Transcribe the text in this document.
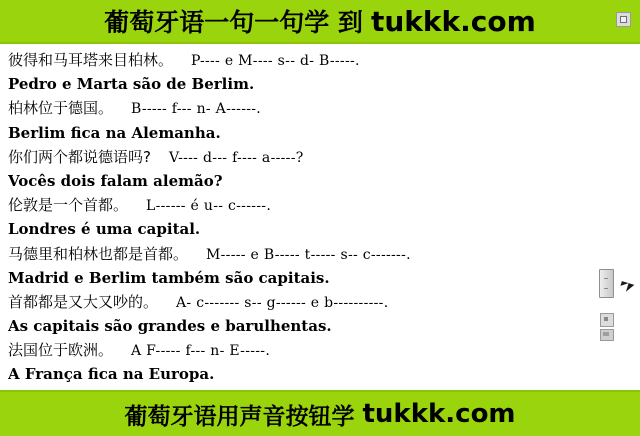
葡萄牙语一句一句学 到 tukkk.com
彼得和马耳塔来目柏林。 P---- e M---- s-- d- B-----.
Pedro e Marta são de Berlim.
柏林位于德国。 B----- f--- n- A------.
Berlim fica na Alemanha.
你们两个都说德语吗? V---- d--- f---- a-----?
Vocês dois falam alemão?
伦敦是一个首都。 L------ é u-- c------.
Londres é uma capital.
马德里和柏林也都是首都。 M----- e B----- t----- s-- c-------.
Madrid e Berlim também são capitais.
首都都是又大又吵的。 A- c------- s-- g------ e b----------.
As capitais são grandes e barulhentas.
法国位于欧洲。 A F----- f--- n- E-----.
A França fica na Europa.
葡萄牙语用声音按钮学 tukkk.com
